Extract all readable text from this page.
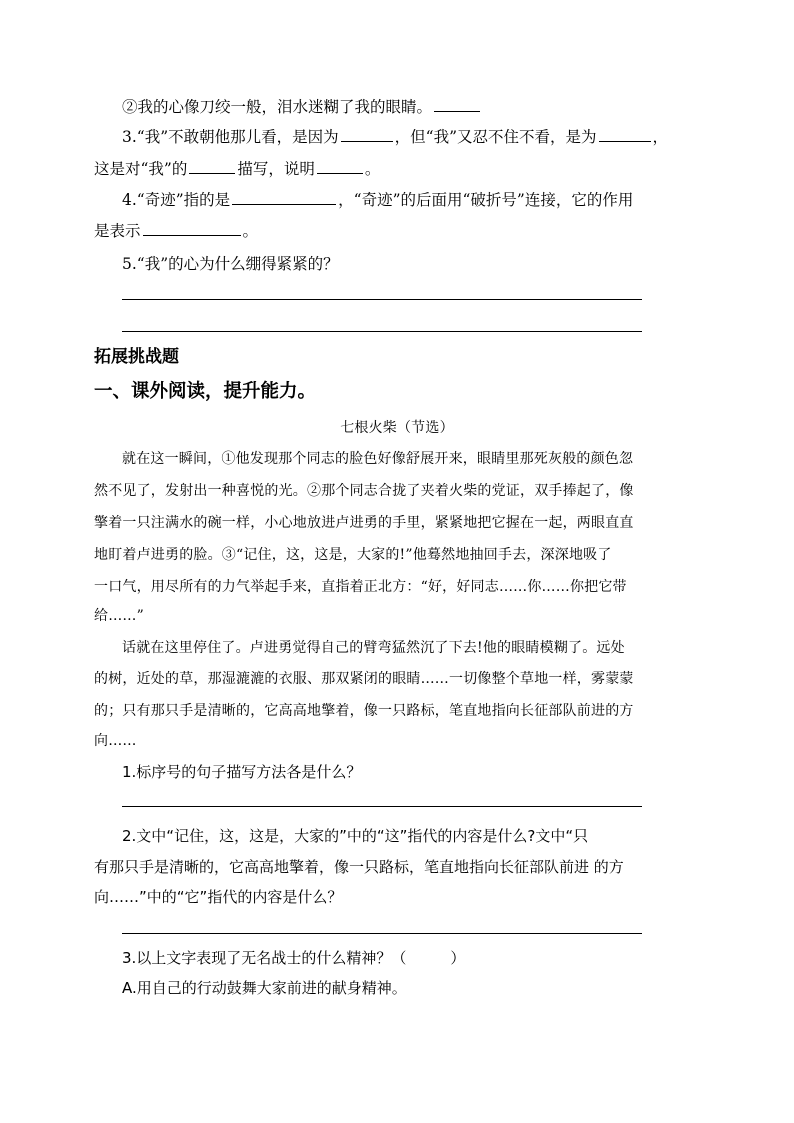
②我的心像刀绞一般，泪水迷糊了我的眼睛。
3.“我”不敢朝他那儿看，是因为	，但“我”又忍不住不看，是为	，
这是对“我”的	描写，说明	。
4.“奇迹”指的是	，“奇迹”的后面用“破折号”连接，它的作用
是表示	。
5.“我”的心为什么绷得紧紧的？
拓展挑战题
一、课外阅读，提升能力。
七根火柴（节选）
就在这一瞬间，①他发现那个同志的脸色好像舒展开来，眼睛里那死灰般的颜色忽
然不见了，发射出一种喜悦的光。②那个同志合拢了夹着火柴的党证，双手捧起了，像
擎着一只注满水的碗一样，小心地放进卢进勇的手里，紧紧地把它握在一起，两眼直直
地盯着卢进勇的脸。③“记住，这，这是，大家的!”他蓦然地抽回手去，深深地吸了
一口气，用尽所有的力气举起手来，直指着正北方：“好，好同志……你……你把它带
给……”
话就在这里停住了。卢进勇觉得自己的臂弯猛然沉了下去!他的眼睛模糊了。远处
的树，近处的草，那湿漉漉的衣服、那双紧闭的眼睛……一切像整个草地一样，雾蒙蒙
的；只有那只手是清晰的，它高高地擎着，像一只路标，笔直地指向长征部队前进的方
向……
1.标序号的句子描写方法各是什么？
2.文中“记住，这，这是，大家的”中的“这”指代的内容是什么?文中“只
有那只手是清晰的，它高高地擎着，像一只路标，笔直地指向长征部队前进 的方
向……”中的“它”指代的内容是什么？
3.以上文字表现了无名战士的什么精神？（	）
A.用自己的行动鼓舞大家前进的献身精神。
